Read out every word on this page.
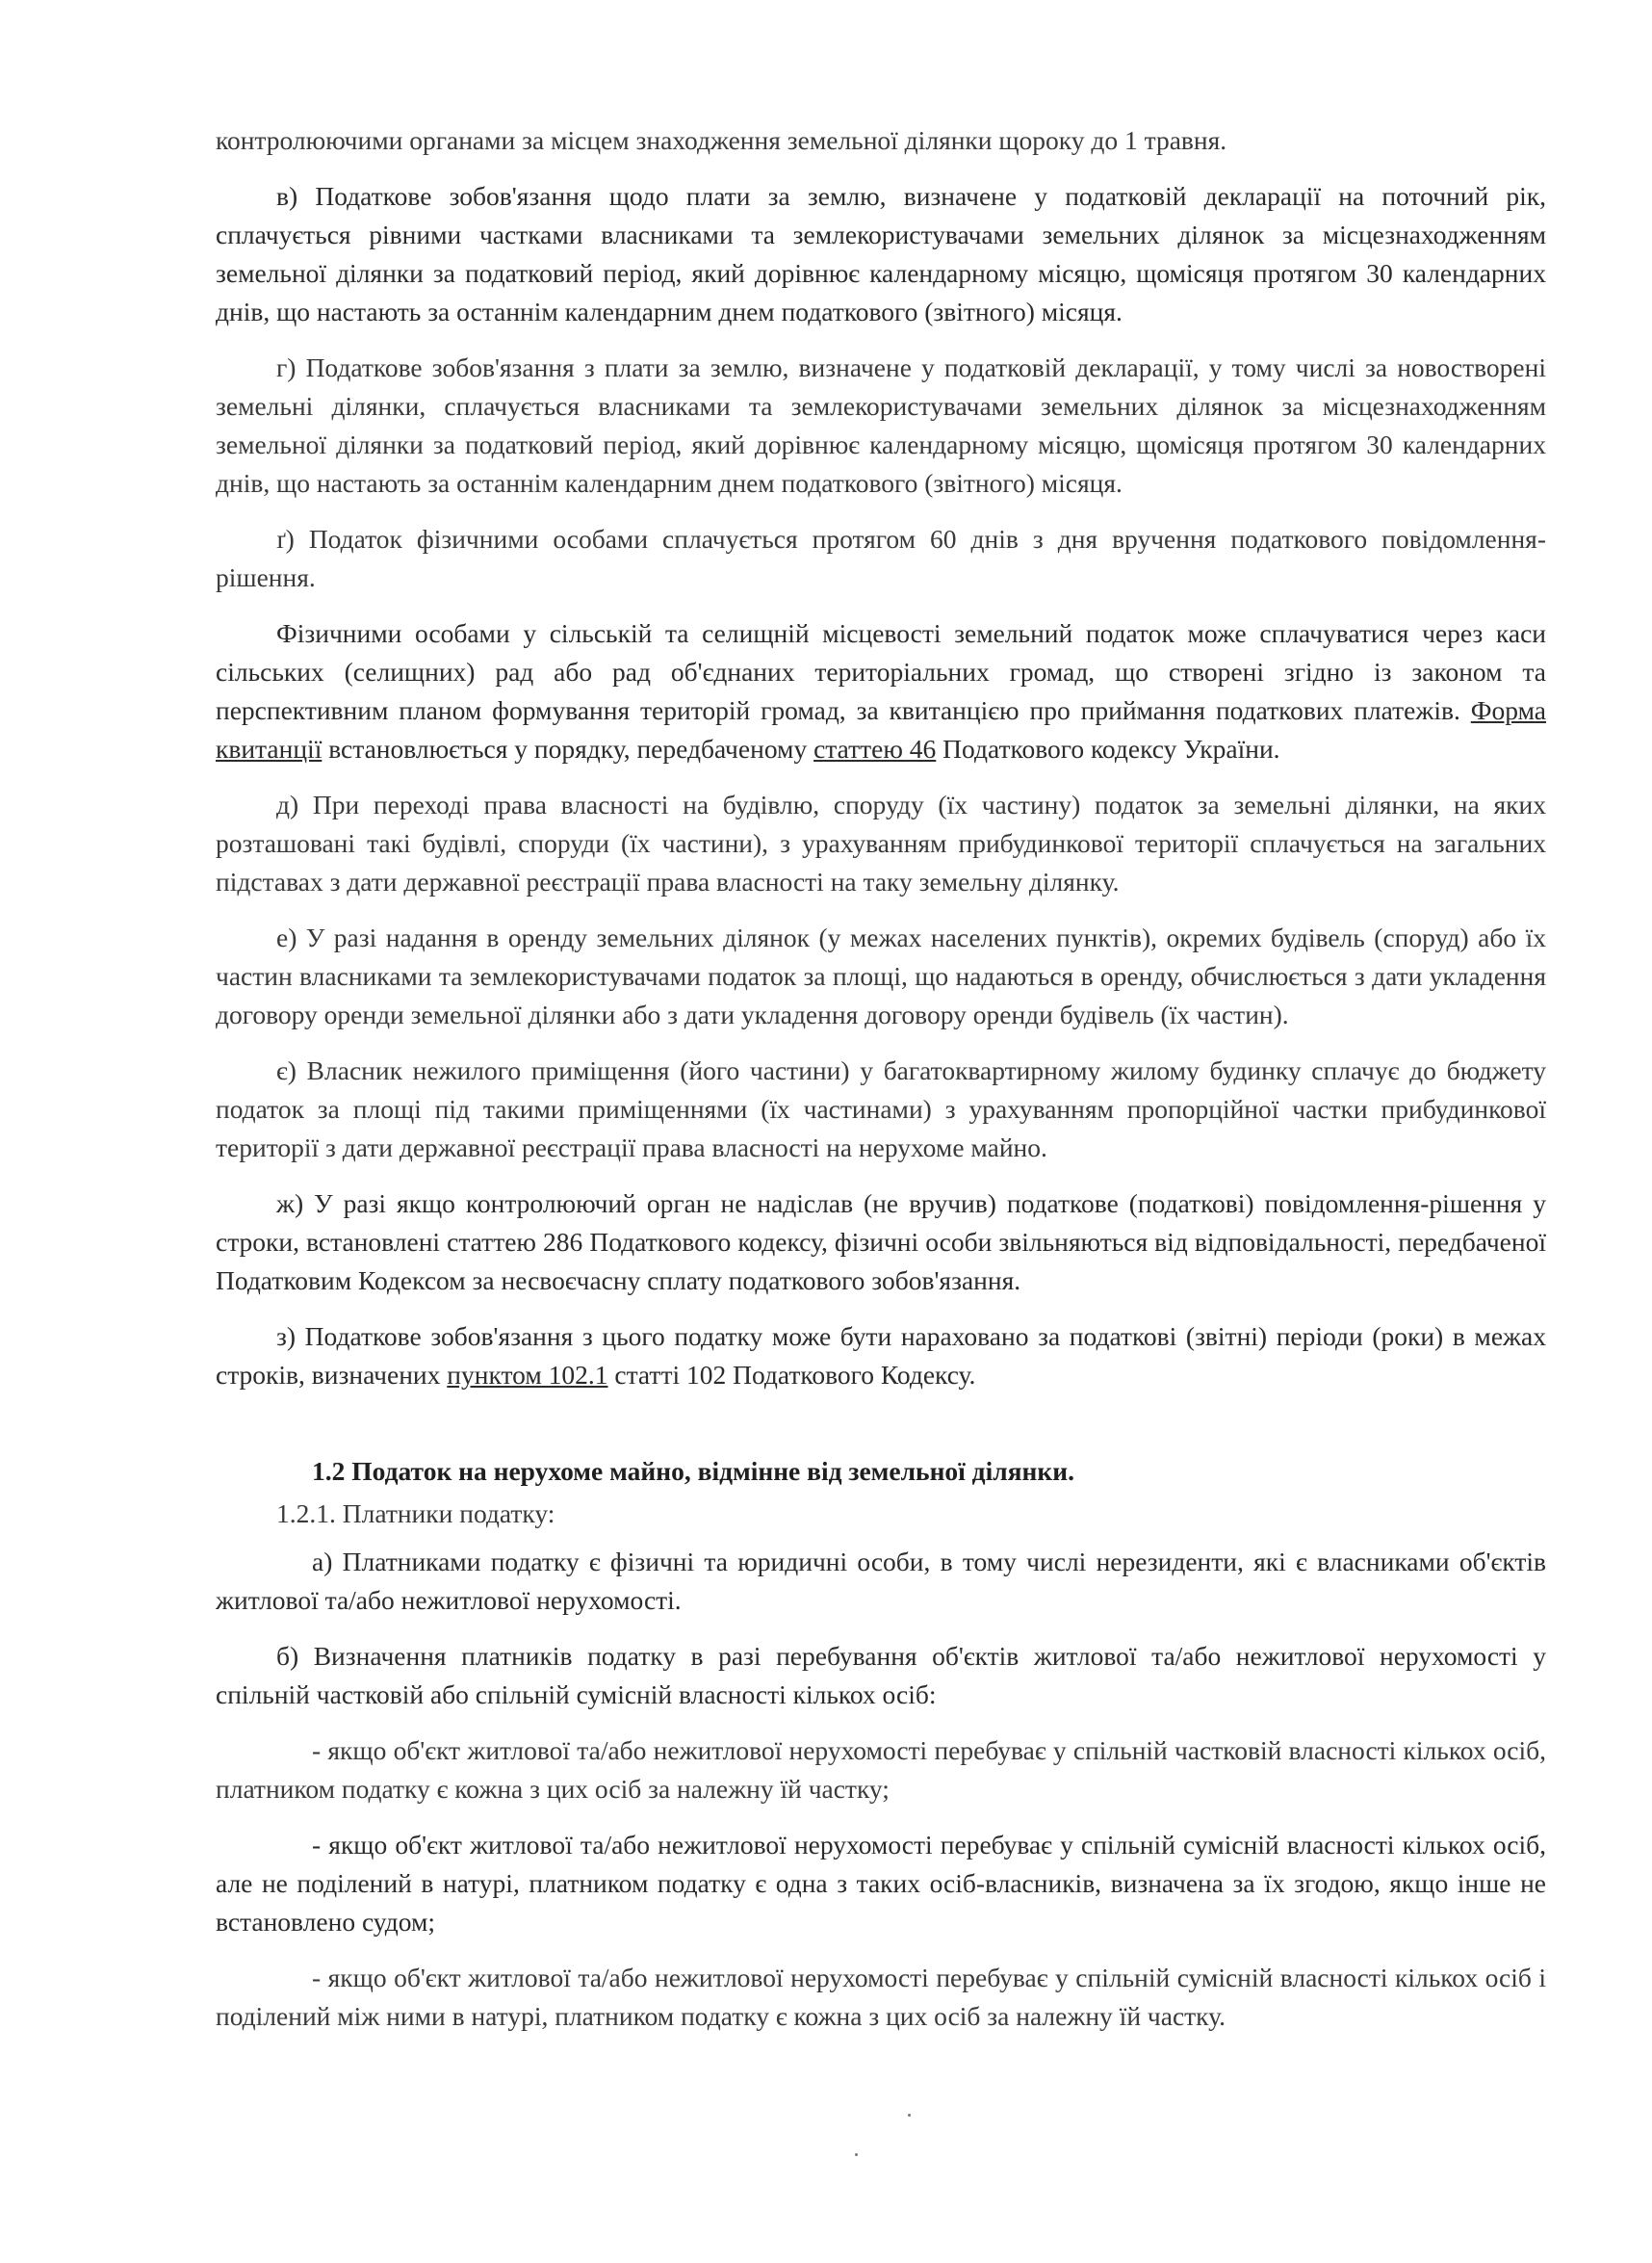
контролюючими органами за місцем знаходження земельної ділянки щороку до 1 травня.

в) Податкове зобов'язання щодо плати за землю, визначене у податковій декларації на поточний рік, сплачується рівними частками власниками та землекористувачами земельних ділянок за місцезнаходженням земельної ділянки за податковий період, який дорівнює календарному місяцю, щомісяця протягом 30 календарних днів, що настають за останнім календарним днем податкового (звітного) місяця.

г) Податкове зобов'язання з плати за землю, визначене у податковій декларації, у тому числі за новостворені земельні ділянки, сплачується власниками та землекористувачами земельних ділянок за місцезнаходженням земельної ділянки за податковий період, який дорівнює календарному місяцю, щомісяця протягом 30 календарних днів, що настають за останнім календарним днем податкового (звітного) місяця.

ґ) Податок фізичними особами сплачується протягом 60 днів з дня вручення податкового повідомлення-рішення.

Фізичними особами у сільській та селищній місцевості земельний податок може сплачуватися через каси сільських (селищних) рад або рад об'єднаних територіальних громад, що створені згідно із законом та перспективним планом формування територій громад, за квитанцією про приймання податкових платежів. Форма квитанції встановлюється у порядку, передбаченому статтею 46 Податкового кодексу України.

д) При переході права власності на будівлю, споруду (їх частину) податок за земельні ділянки, на яких розташовані такі будівлі, споруди (їх частини), з урахуванням прибудинкової території сплачується на загальних підставах з дати державної реєстрації права власності на таку земельну ділянку.

е) У разі надання в оренду земельних ділянок (у межах населених пунктів), окремих будівель (споруд) або їх частин власниками та землекористувачами податок за площі, що надаються в оренду, обчислюється з дати укладення договору оренди земельної ділянки або з дати укладення договору оренди будівель (їх частин).

є) Власник нежилого приміщення (його частини) у багатоквартирному жилому будинку сплачує до бюджету податок за площі під такими приміщеннями (їх частинами) з урахуванням пропорційної частки прибудинкової території з дати державної реєстрації права власності на нерухоме майно.

ж) У разі якщо контролюючий орган не надіслав (не вручив) податкове (податкові) повідомлення-рішення у строки, встановлені статтею 286 Податкового кодексу, фізичні особи звільняються від відповідальності, передбаченої Податковим Кодексом за несвоєчасну сплату податкового зобов'язання.

з) Податкове зобов'язання з цього податку може бути нараховано за податкові (звітні) періоди (роки) в межах строків, визначених пунктом 102.1 статті 102 Податкового Кодексу.

1.2 Податок на нерухоме майно, відмінне від земельної ділянки.

1.2.1. Платники податку:

а) Платниками податку є фізичні та юридичні особи, в тому числі нерезиденти, які є власниками об'єктів житлової та/або нежитлової нерухомості.

б) Визначення платників податку в разі перебування об'єктів житлової та/або нежитлової нерухомості у спільній частковій або спільній сумісній власності кількох осіб:

- якщо об'єкт житлової та/або нежитлової нерухомості перебуває у спільній частковій власності кількох осіб, платником податку є кожна з цих осіб за належну їй частку;

- якщо об'єкт житлової та/або нежитлової нерухомості перебуває у спільній сумісній власності кількох осіб, але не поділений в натурі, платником податку є одна з таких осіб-власників, визначена за їх згодою, якщо інше не встановлено судом;

- якщо об'єкт житлової та/або нежитлової нерухомості перебуває у спільній сумісній власності кількох осіб і поділений між ними в натурі, платником податку є кожна з цих осіб за належну їй частку.
